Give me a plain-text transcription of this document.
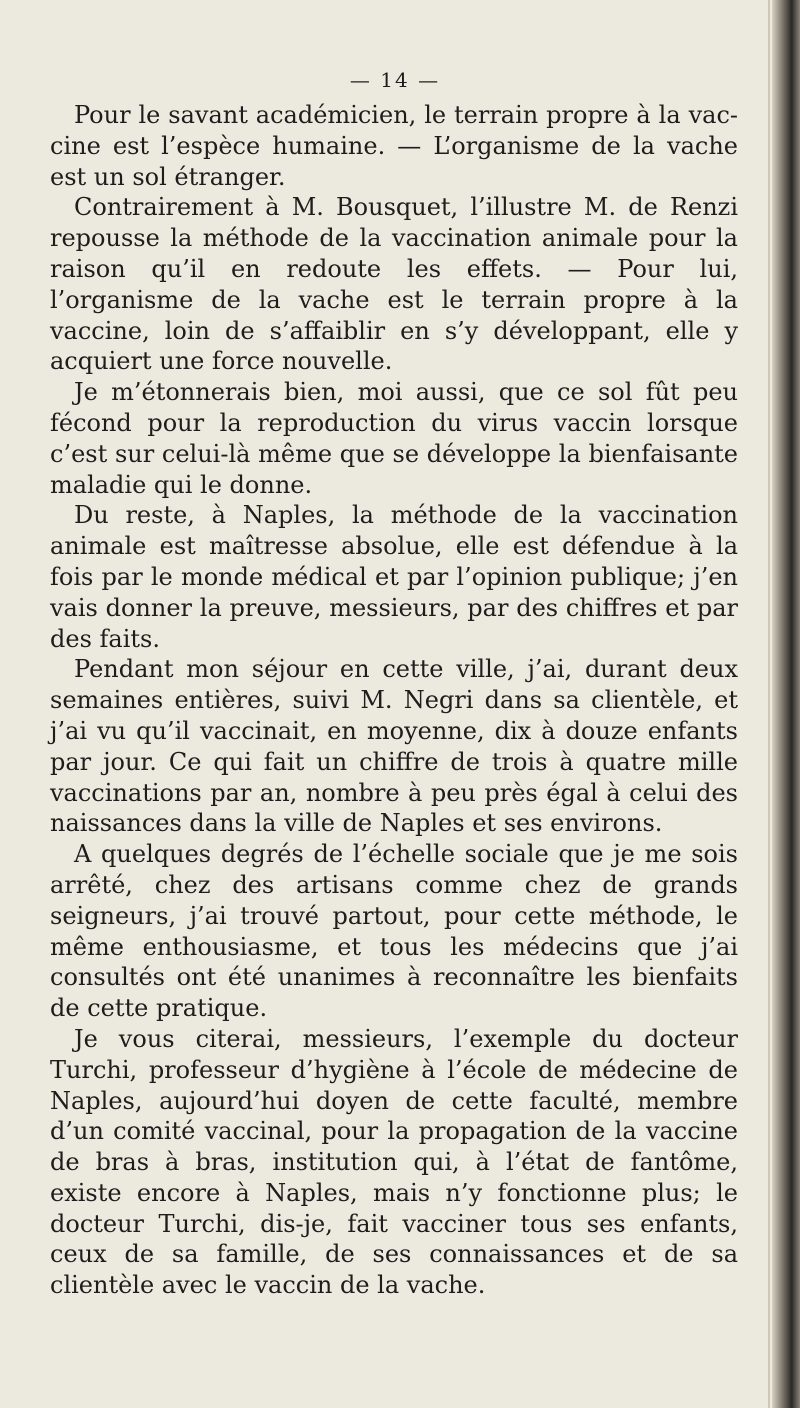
— 14 —

Pour le savant académicien, le terrain propre à la vaccine est l’espèce humaine. — L’organisme de la vache est un sol étranger.

Contrairement à M. Bousquet, l’illustre M. de Renzi repousse la méthode de la vaccination animale pour la raison qu’il en redoute les effets. — Pour lui, l’organisme de la vache est le terrain propre à la vaccine, loin de s’affaiblir en s’y développant, elle y acquiert une force nouvelle.

Je m’étonnerais bien, moi aussi, que ce sol fût peu fécond pour la reproduction du virus vaccin lorsque c’est sur celui-là même que se développe la bienfaisante maladie qui le donne.

Du reste, à Naples, la méthode de la vaccination animale est maîtresse absolue, elle est défendue à la fois par le monde médical et par l’opinion publique; j’en vais donner la preuve, messieurs, par des chiffres et par des faits.

Pendant mon séjour en cette ville, j’ai, durant deux semaines entières, suivi M. Negri dans sa clientèle, et j’ai vu qu’il vaccinait, en moyenne, dix à douze enfants par jour. Ce qui fait un chiffre de trois à quatre mille vaccinations par an, nombre à peu près égal à celui des naissances dans la ville de Naples et ses environs.

A quelques degrés de l’échelle sociale que je me sois arrêté, chez des artisans comme chez de grands seigneurs, j’ai trouvé partout, pour cette méthode, le même enthousiasme, et tous les médecins que j’ai consultés ont été unanimes à reconnaître les bienfaits de cette pratique.

Je vous citerai, messieurs, l’exemple du docteur Turchi, professeur d’hygiène à l’école de médecine de Naples, aujourd’hui doyen de cette faculté, membre d’un comité vaccinal, pour la propagation de la vaccine de bras à bras, institution qui, à l’état de fantôme, existe encore à Naples, mais n’y fonctionne plus; le docteur Turchi, dis-je, fait vacciner tous ses enfants, ceux de sa famille, de ses connaissances et de sa clientèle avec le vaccin de la vache.
